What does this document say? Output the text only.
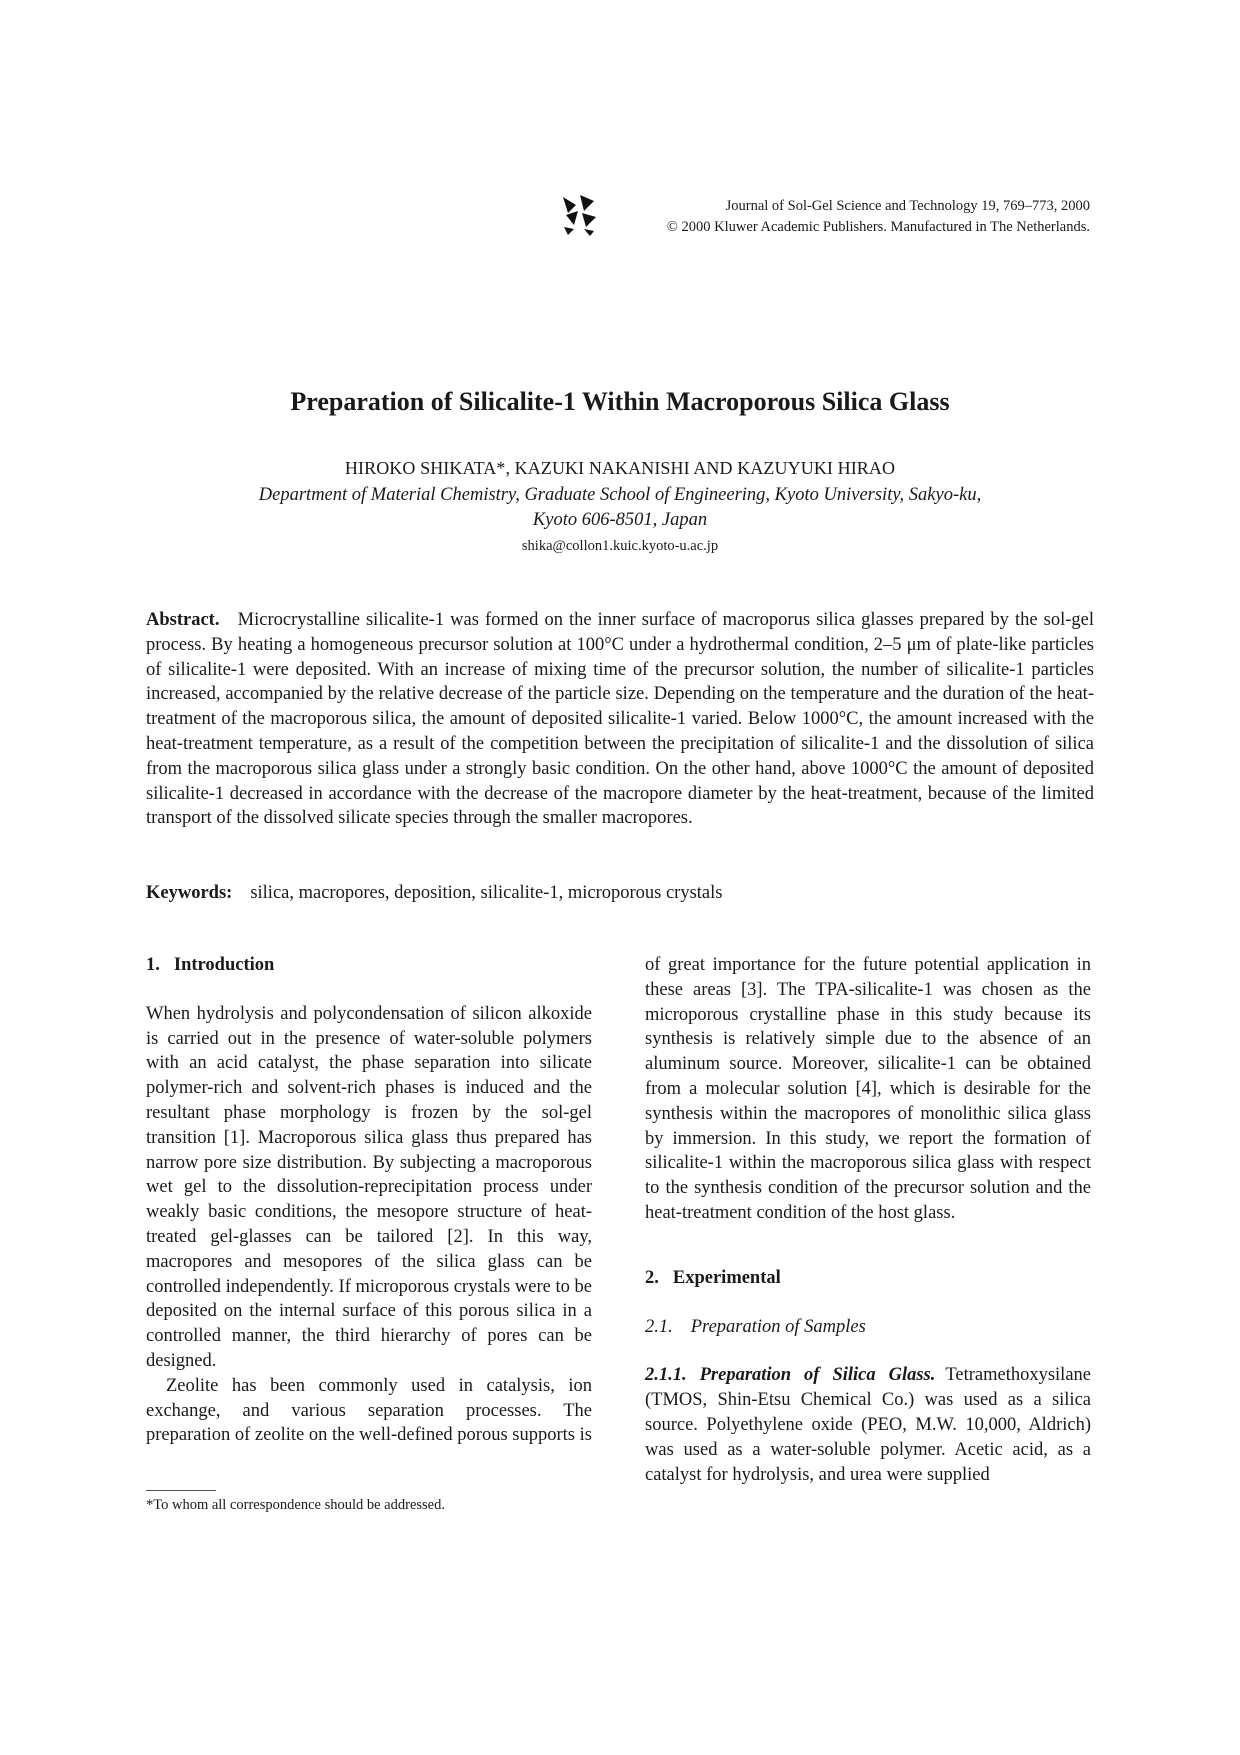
Journal of Sol-Gel Science and Technology 19, 769–773, 2000
© 2000 Kluwer Academic Publishers. Manufactured in The Netherlands.
Preparation of Silicalite-1 Within Macroporous Silica Glass

HIROKO SHIKATA*, KAZUKI NAKANISHI AND KAZUYUKI HIRAO

Department of Material Chemistry, Graduate School of Engineering, Kyoto University, Sakyo-ku,
Kyoto 606-8501, Japan

shika@collon1.kuic.kyoto-u.ac.jp

Abstract. Microcrystalline silicalite-1 was formed on the inner surface of macroporus silica glasses prepared by the sol-gel process. By heating a homogeneous precursor solution at 100°C under a hydrothermal condition, 2–5 μm of plate-like particles of silicalite-1 were deposited. With an increase of mixing time of the precursor solution, the number of silicalite-1 particles increased, accompanied by the relative decrease of the particle size. Depending on the temperature and the duration of the heat-treatment of the macroporous silica, the amount of deposited silicalite-1 varied. Below 1000°C, the amount increased with the heat-treatment temperature, as a result of the competition between the precipitation of silicalite-1 and the dissolution of silica from the macroporous silica glass under a strongly basic condition. On the other hand, above 1000°C the amount of deposited silicalite-1 decreased in accordance with the decrease of the macropore diameter by the heat-treatment, because of the limited transport of the dissolved silicate species through the smaller macropores.

Keywords: silica, macropores, deposition, silicalite-1, microporous crystals

1. Introduction

When hydrolysis and polycondensation of silicon alkoxide is carried out in the presence of water-soluble polymers with an acid catalyst, the phase separation into silicate polymer-rich and solvent-rich phases is induced and the resultant phase morphology is frozen by the sol-gel transition [1]. Macroporous silica glass thus prepared has narrow pore size distribution. By subjecting a macroporous wet gel to the dissolution-reprecipitation process under weakly basic conditions, the mesopore structure of heat-treated gel-glasses can be tailored [2]. In this way, macropores and mesopores of the silica glass can be controlled independently. If microporous crystals were to be deposited on the internal surface of this porous silica in a controlled manner, the third hierarchy of pores can be designed.

Zeolite has been commonly used in catalysis, ion exchange, and various separation processes. The preparation of zeolite on the well-defined porous supports is

of great importance for the future potential application in these areas [3]. The TPA-silicalite-1 was chosen as the microporous crystalline phase in this study because its synthesis is relatively simple due to the absence of an aluminum source. Moreover, silicalite-1 can be obtained from a molecular solution [4], which is desirable for the synthesis within the macropores of monolithic silica glass by immersion. In this study, we report the formation of silicalite-1 within the macroporous silica glass with respect to the synthesis condition of the precursor solution and the heat-treatment condition of the host glass.

2. Experimental
2.1. Preparation of Samples

2.1.1. Preparation of Silica Glass. Tetramethoxysilane (TMOS, Shin-Etsu Chemical Co.) was used as a silica source. Polyethylene oxide (PEO, M.W. 10,000, Aldrich) was used as a water-soluble polymer. Acetic acid, as a catalyst for hydrolysis, and urea were supplied

*To whom all correspondence should be addressed.
